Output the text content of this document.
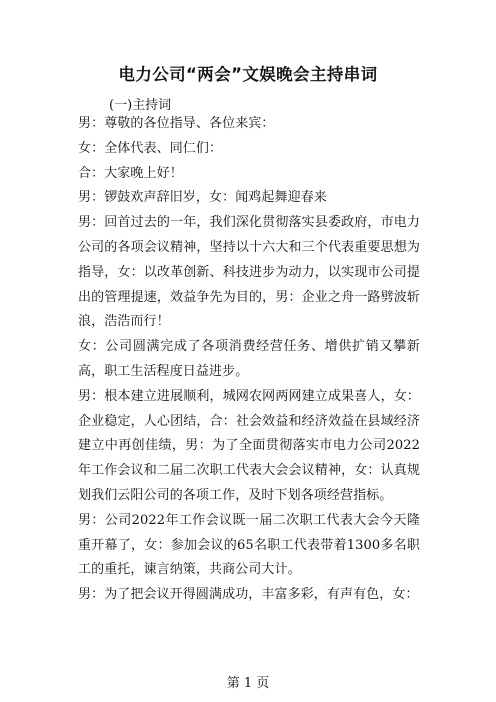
电力公司“两会”文娱晚会主持串词
(一)主持词

男：尊敬的各位指导、各位来宾：

女：全体代表、同仁们：

合：大家晚上好！

男：锣鼓欢声辞旧岁，女：闻鸡起舞迎春来

男：回首过去的一年，我们深化贯彻落实县委政府，市电力公司的各项会议精神，坚持以十六大和三个代表重要思想为指导，女：以改革创新、科技进步为动力，以实现市公司提出的管理提速，效益争先为目的，男：企业之舟一路劈波斩浪，浩浩而行！

女：公司圆满完成了各项消费经营任务、增供扩销又攀新高，职工生活程度日益进步。

男：根本建立进展顺利，城网农网两网建立成果喜人，女：企业稳定，人心团结，合：社会效益和经济效益在县域经济建立中再创佳绩，男：为了全面贯彻落实市电力公司2022年工作会议和二届二次职工代表大会会议精神，女：认真规划我们云阳公司的各项工作，及时下划各项经营指标。

男：公司2022年工作会议既一届二次职工代表大会今天隆重开幕了，女：参加会议的65名职工代表带着1300多名职工的重托，谏言纳策，共商公司大计。

男：为了把会议开得圆满成功，丰富多彩，有声有色，女：

第 1 页
